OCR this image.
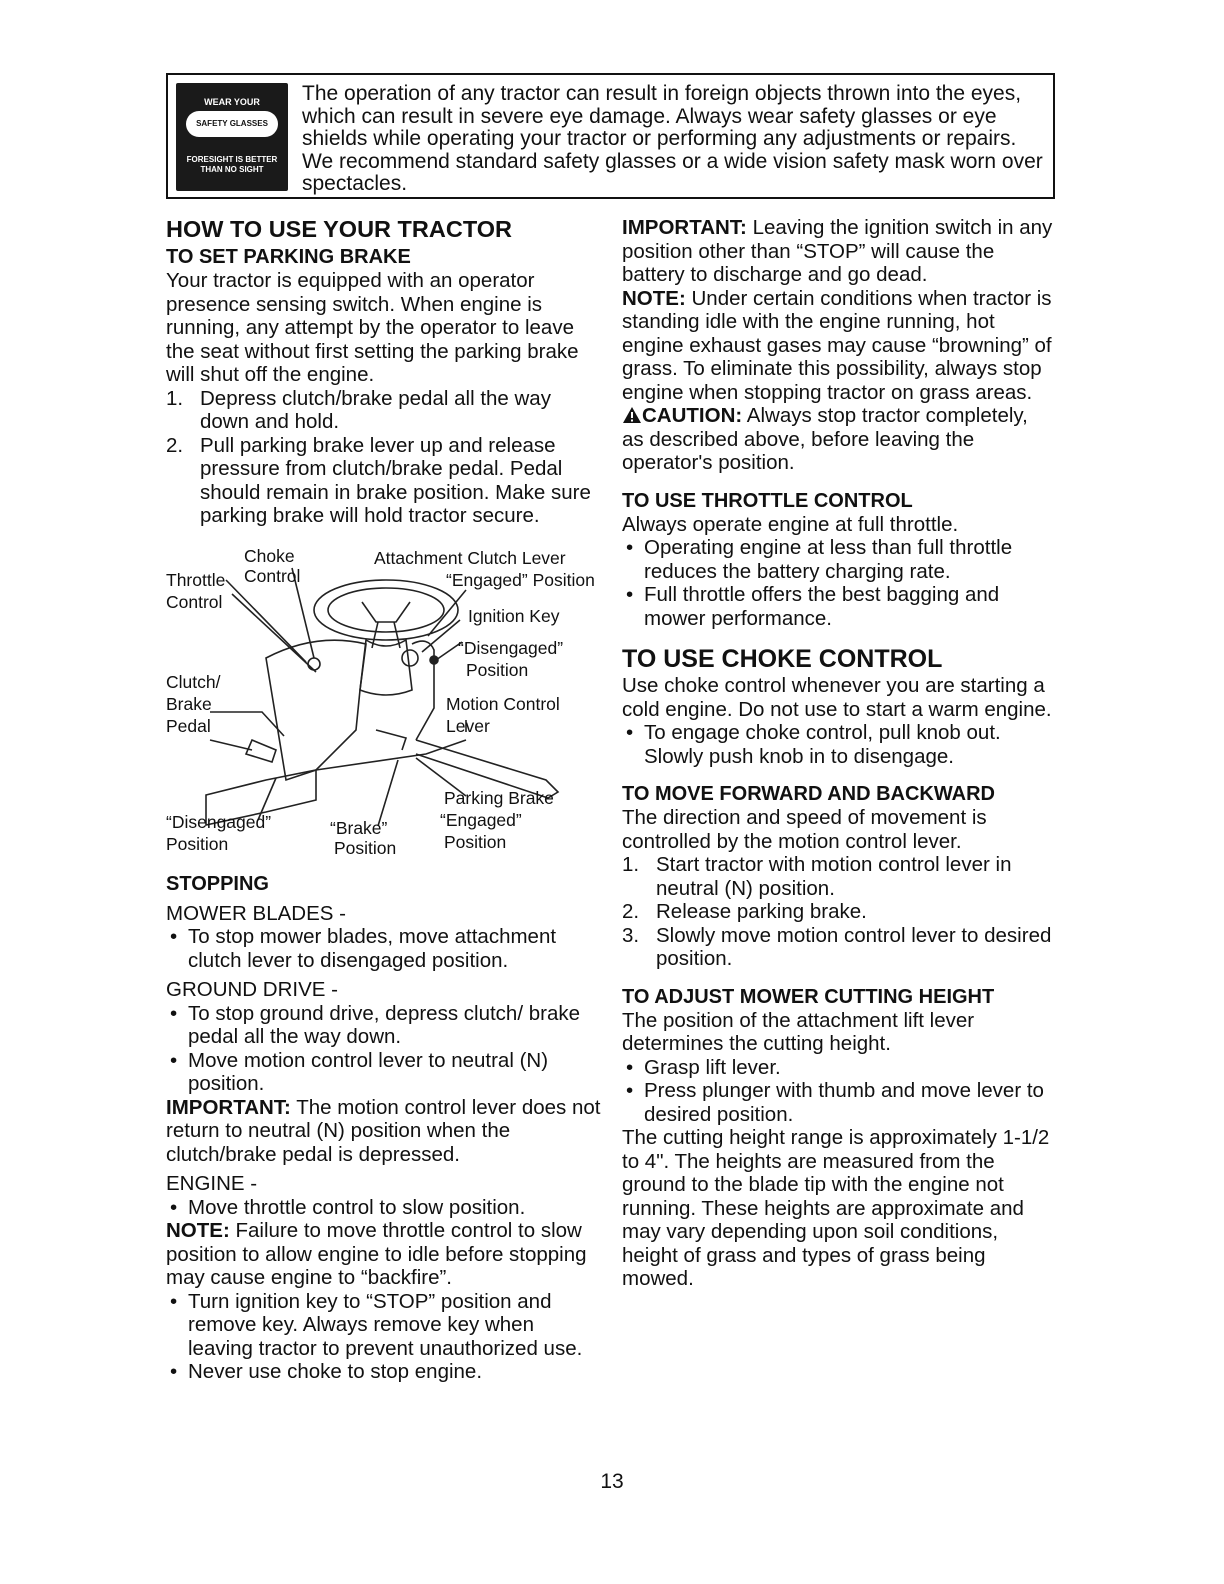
WEAR YOUR
SAFETY GLASSES
FORESIGHT IS BETTER
THAN NO SIGHT
The operation of any tractor can result in foreign objects thrown into the eyes, which can result in severe eye damage. Always wear safety glasses or eye shields while operating your tractor or performing any adjustments or repairs. We recommend standard safety glasses or a wide vision safety mask worn over spectacles.
HOW TO USE YOUR TRACTOR
TO SET PARKING BRAKE

Your tractor is equipped with an operator presence sensing switch. When engine is running, any attempt by the operator to leave the seat without first setting the parking brake will shut off the engine.

1. Depress clutch/brake pedal all the way down and hold.
2. Pull parking brake lever up and release pressure from clutch/brake pedal. Pedal should remain in brake position. Make sure parking brake will hold tractor secure.
Choke
Control
Throttle
Control
Attachment Clutch Lever
“Engaged” Position
Ignition Key
“Disengaged”
Position
Clutch/
Brake
Pedal
Motion Control
Lever
Parking Brake
“Engaged”
Position
“Disengaged”
Position
“Brake”
Position
STOPPING

MOWER BLADES -

• To stop mower blades, move attachment clutch lever to disengaged position.

GROUND DRIVE -

• To stop ground drive, depress clutch/ brake pedal all the way down.
• Move motion control lever to neutral (N) position.

IMPORTANT: The motion control lever does not return to neutral (N) position when the clutch/brake pedal is depressed.

ENGINE -

• Move throttle control to slow position.

NOTE: Failure to move throttle control to slow position to allow engine to idle before stopping may cause engine to “backfire”.

• Turn ignition key to “STOP” position and remove key. Always remove key when leaving tractor to prevent unauthorized use.
• Never use choke to stop engine.

IMPORTANT: Leaving the ignition switch in any position other than “STOP” will cause the battery to discharge and go dead.

NOTE: Under certain conditions when tractor is standing idle with the engine running, hot engine exhaust gases may cause “browning” of grass. To eliminate this possibility, always stop engine when stopping tractor on grass areas.

CAUTION: Always stop tractor completely, as described above, before leaving the operator's position.

TO USE THROTTLE CONTROL

Always operate engine at full throttle.

• Operating engine at less than full throttle reduces the battery charging rate.
• Full throttle offers the best bagging and mower performance.
TO USE CHOKE CONTROL

Use choke control whenever you are starting a cold engine. Do not use to start a warm engine.

• To engage choke control, pull knob out. Slowly push knob in to disengage.
TO MOVE FORWARD AND BACKWARD

The direction and speed of movement is controlled by the motion control lever.

1. Start tractor with motion control lever in neutral (N) position.
2. Release parking brake.
3. Slowly move motion control lever to desired position.
TO ADJUST MOWER CUTTING HEIGHT

The position of the attachment lift lever determines the cutting height.

• Grasp lift lever.
• Press plunger with thumb and move lever to desired position.

The cutting height range is approximately 1-1/2 to 4". The heights are measured from the ground to the blade tip with the engine not running. These heights are approximate and may vary depending upon soil conditions, height of grass and types of grass being mowed.

13
